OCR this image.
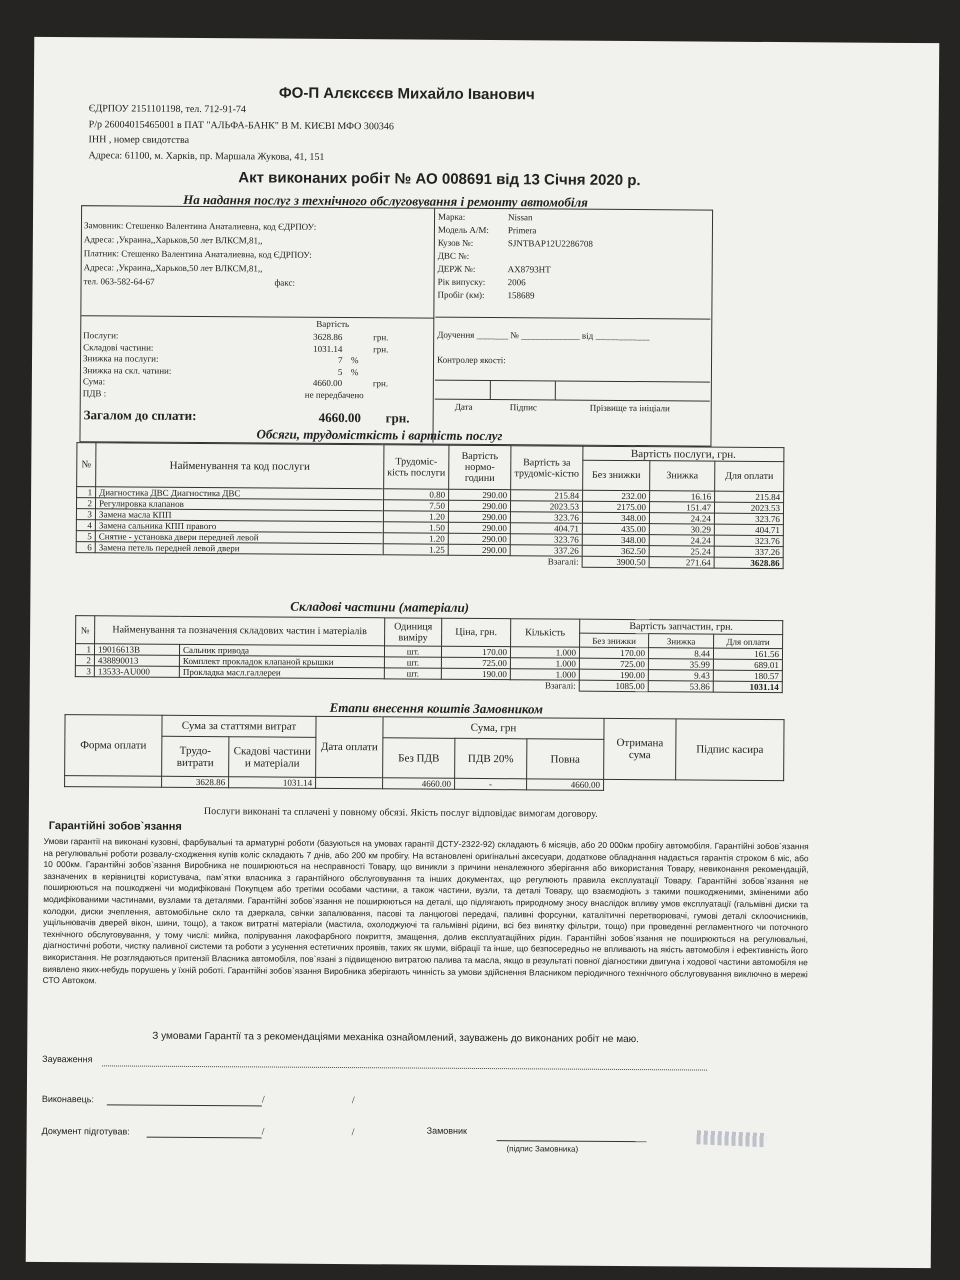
ФО-П Алєксєєв Михайло Іванович
ЄДРПОУ 2151101198, тел. 712-91-74
Р/р 26004015465001 в ПАТ "АЛЬФА-БАНК" В М. КИЄВІ МФО 300346
ІНН , номер свидотства
Адреса: 61100, м. Харків, пр. Маршала Жукова, 41, 151
Акт виконаних робіт № АО 008691 від 13 Січня 2020 р.
На надання послуг з технічного обслуговування і ремонту автомобіля
Замовник: Стешенко Валентина Анаталиевна, код ЄДРПОУ:
Адреса: ,Украина,,Харьков,50 лет ВЛКСМ,81,,
Платник: Стешенко Валентина Анаталиевна, код ЄДРПОУ:
Адреса: ,Украина,,Харьков,50 лет ВЛКСМ,81,,
тел. 063-582-64-67	факс:
Марка:	Nissan
Модель А/М: Primera
Кузов №:	SJNTBAP12U2286708
ДВС №:
ДЕРЖ №:	AX8793HT
Рік випуску: 2006
Пробіг (км):	158689
Вартість
Послуги:	3628.86	грн.
Складові частини:	1031.14	грн.
Знижка на послуги:	7 %
Знижка на скл. чатини:	5 %
Сума:	4660.00	грн.
ПДВ :	не передбачено
Загалом до сплати:	4660.00 грн.
Доучення _______ № _____________ від ____________
Контролер якості:
Дата	Підпис	Прізвище та ініціали
Обсяги, трудомісткість і вартість послуг
№	Найменування та код послуги	Трудоміс-кість послуги	Вартість нормо-години	Вартість за трудоміс-кістю	Вартість послуги, грн.		
					Без знижки	Знижка	Для оплати
1	Диагностика ДВС Диагностика ДВС	0.80	290.00	215.84	232.00	16.16	215.84
2	Регулировка клапанов	7.50	290.00	2023.53	2175.00	151.47	2023.53
3	Замена масла КПП	1.20	290.00	323.76	348.00	24.24	323.76
4	Замена сальника КПП правого	1.50	290.00	404.71	435.00	30.29	404.71
5	Снятие - установка двери передней левой	1.20	290.00	323.76	348.00	24.24	323.76
6	Замена петель передней левой двери	1.25	290.00	337.26	362.50	25.24	337.26
Взагалі:					3900.50	271.64	3628.86
Складові частини (матеріали)
№	Найменування та позначення складових частин і матеріалів		Одиниця виміру	Ціна, грн.	Кількість	Вартість запчастин, грн.		
						Без знижки	Знижка	Для оплати
1	19016613B	Сальник привода	шт.	170.00	1.000	170.00	8.44	161.56
2	438890013	Комплект прокладок клапаной крышки	шт.	725.00	1.000	725.00	35.99	689.01
3	13533-AU000	Прокладка масл.галлереи	шт.	190.00	1.000	190.00	9.43	180.57
Взагалі:						1085.00	53.86	1031.14
Етапи внесення коштів Замовником
Форма оплати	Сума за статтями витрат		Дата оплати	Сума, грн			Отримана сума	Підпис касира
	Трудо-витрати	Скадові частини и матеріали		Без ПДВ	ПДВ 20%	Повна		
	3628.86	1031.14		4660.00	-	4660.00		
Послуги виконані та сплачені у повному обсязі. Якість послуг відповідає вимогам договору.
Гарантійні зобов`язання
Умови гарантії на виконані кузовні, фарбувальні та арматурні роботи (базуються на умовах гарантії ДСТУ-2322-92) складають 6 місяців, або 20 000км пробігу автомобіля. Гарантійні зобов`язання на регулювальні роботи розвалу-сходження купів коліс складають 7 днів, або 200 км пробігу. На встановлені оригінальні аксесуари, додаткове обладнання надається гарантія строком 6 міс, або 10 000км. Гарантійні зобов`язання Виробника не поширюються на несправності Товару, що виникли з причини неналежного зберігання або використання Товару, невиконання рекомендацій, зазначених в керівництві користувача, пам`ятки власника з гарантійного обслуговування та інших документах, що регулюють правила експлуатації Товару. Гарантійні зобов`язання не поширюються на пошкоджені чи модифіковані Покупцем або третіми особами частини, а також частини, вузли, та деталі Товару, що взаємодіють з такими пошкодженими, зміненими або модифікованими частинами, вузлами та деталями. Гарантійні зобов`язання не поширюються на деталі, що підлягають природному зносу внаслідок впливу умов експлуатації (гальмівні диски та колодки, диски зчеплення, автомобільне скло та дзеркала, свічки запалювання, пасові та ланцюгові передачі, паливні форсунки, каталітичні перетворювачі, гумові деталі склоочисників, ущільнювачів дверей вікон, шини, тощо), а також витратні матеріали (мастила, охолоджуючі та гальмівні рідини, всі без винятку фільтри, тощо) при проведенні регламентного чи поточного технічного обслуговування, у тому числі: мийка, полірування лакофарбного покриття, змащення, долив експлуатаційних рідин. Гарантійні зобов`язання не поширюються на регулювальні, діагностичні роботи, чистку паливної системи та роботи з усунення естетичних проявів, таких як шуми, вібрації та інше, що безпосередньо не впливають на якість автомобіля і ефективність його використання. Не розглядаються притензії Власника автомобіля, пов`язані з підвищеною витратою палива та масла, якщо в результаті повної діагностики двигуна і ходової частини автомобіля не виявлено яких-небудь порушень у їхній роботі. Гарантійні зобов`язання Виробника зберігають чинність за умови здійснення Власником періодичного технічного обслуговування виключно в мережі СТО Автоком.
З умовами Гарантії та з рекомендаціями механіка ознайомлений, зауважень до виконаних робіт не маю.
Зауваження
Виконавець:	/	/
Документ підготував:	/	/	Замовник
(підпис Замовника)
